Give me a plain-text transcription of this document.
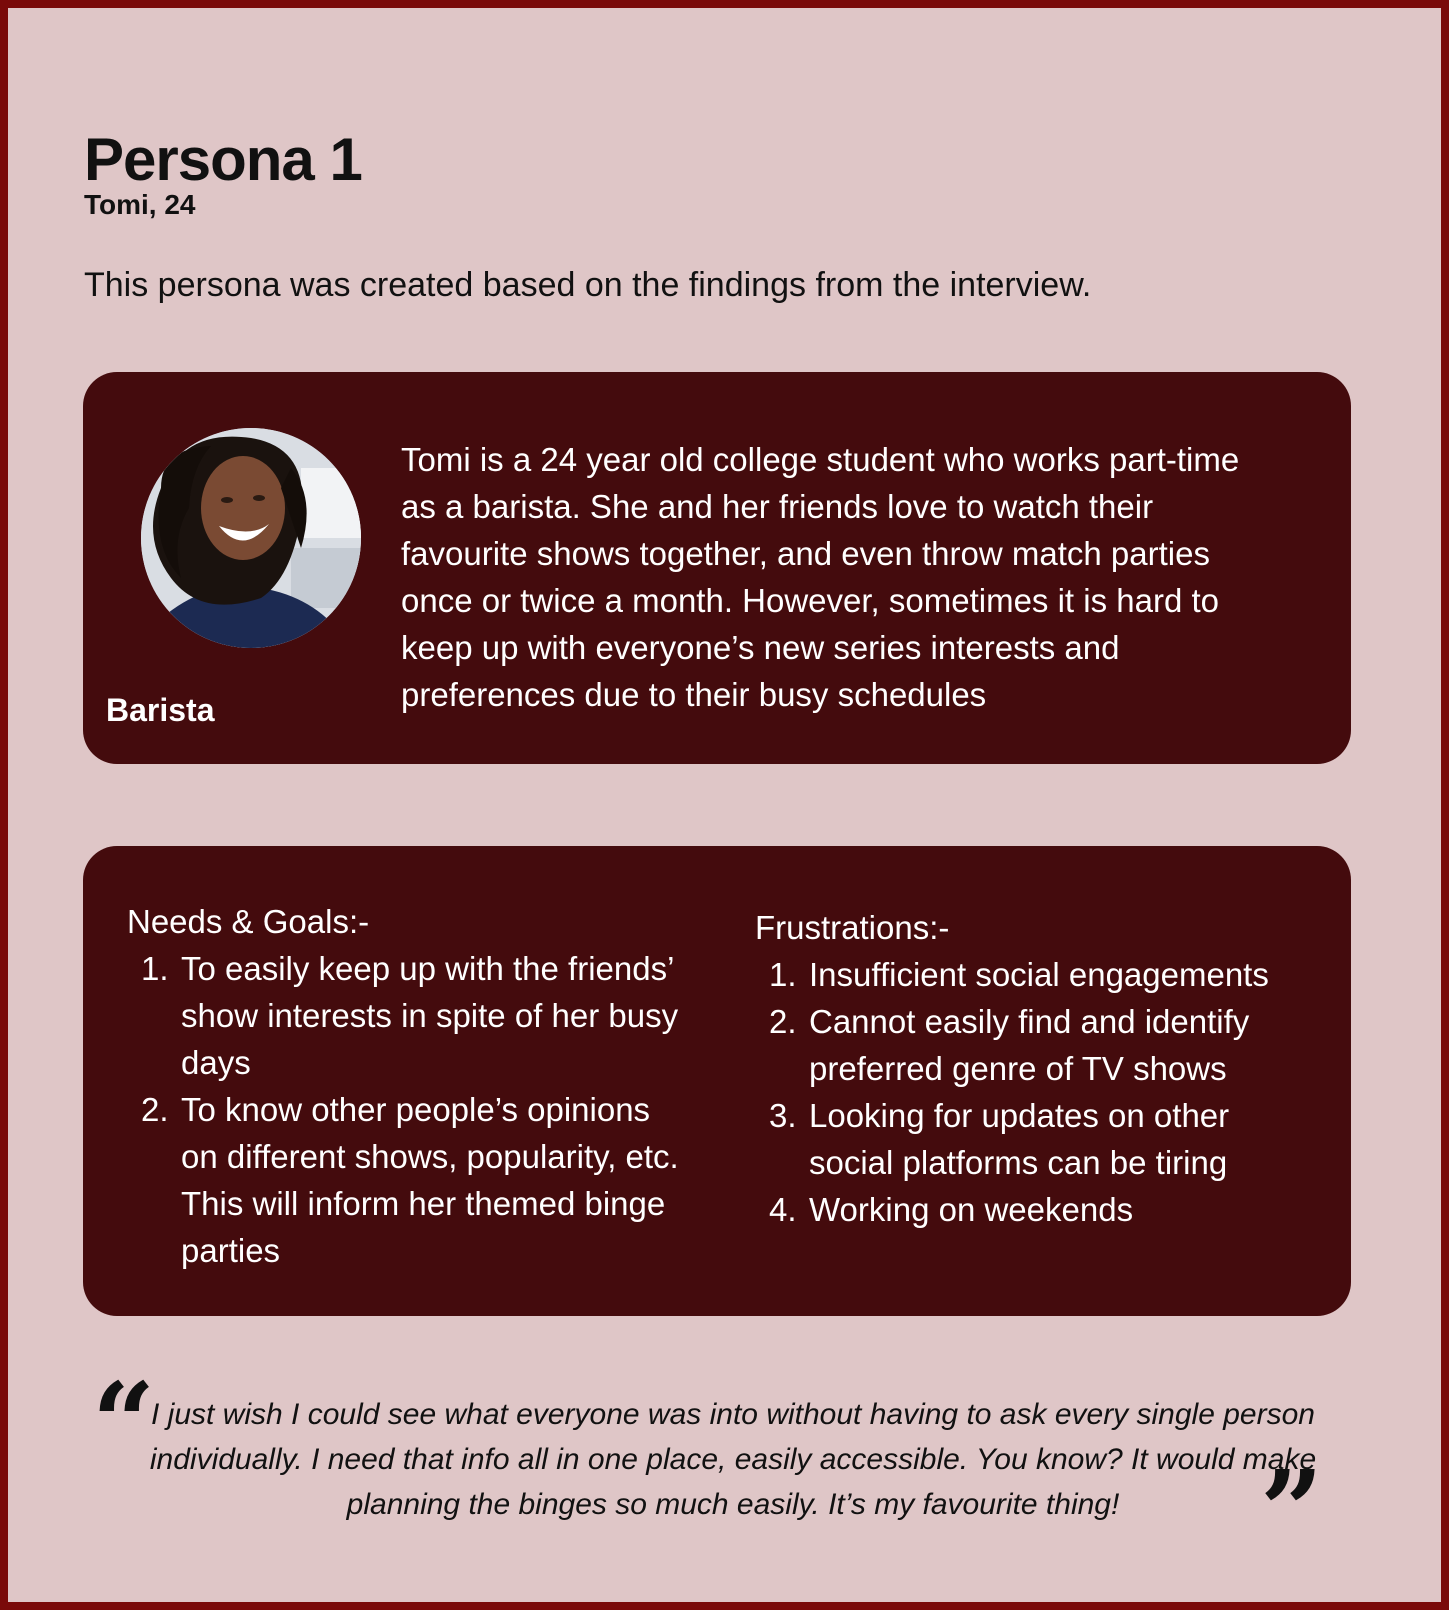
Persona 1
Tomi, 24
This persona was created based on the findings from the interview.
Tomi is a 24 year old college student who works part-time as a barista. She and her friends love to watch their favourite shows together, and even throw match parties once or twice a month. However, sometimes it is hard to keep up with everyone’s new series interests and preferences due to their busy schedules
Barista
Needs & Goals:-
1. To easily keep up with the friends’ show interests in spite of her busy days
2. To know other people’s opinions on different shows, popularity, etc. This will inform her themed binge parties
Frustrations:-
1. Insufficient social engagements
2. Cannot easily find and identify preferred genre of TV shows
3. Looking for updates on other social platforms can be tiring
4. Working on weekends
“
I just wish I could see what everyone was into without having to ask every single person individually. I need that info all in one place, easily accessible. You know? It would make planning the binges so much easily. It’s my favourite thing!	”
